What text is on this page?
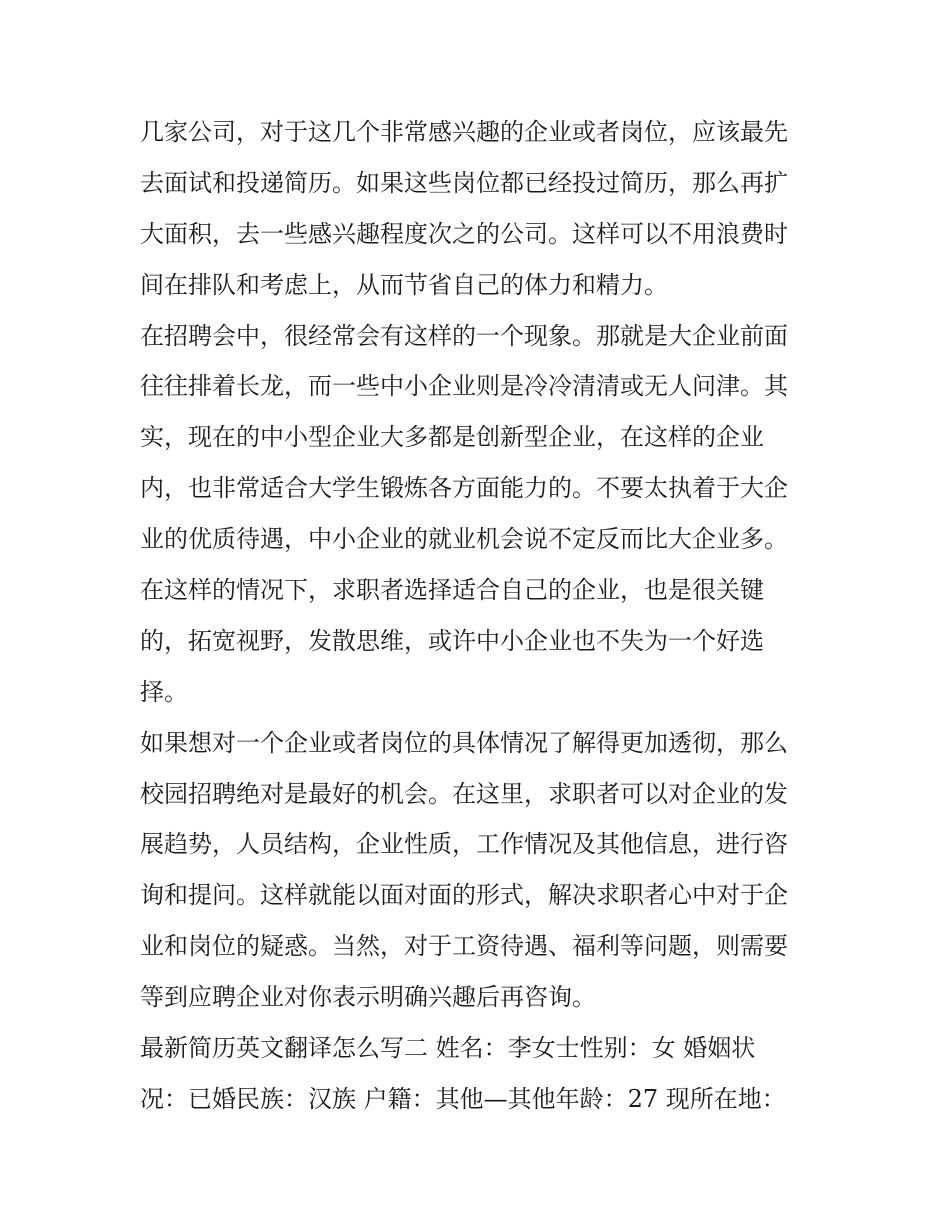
几家公司，对于这几个非常感兴趣的企业或者岗位，应该最先
去面试和投递简历。如果这些岗位都已经投过简历，那么再扩
大面积，去一些感兴趣程度次之的公司。这样可以不用浪费时
间在排队和考虑上，从而节省自己的体力和精力。
在招聘会中，很经常会有这样的一个现象。那就是大企业前面
往往排着长龙，而一些中小企业则是冷冷清清或无人问津。其
实，现在的中小型企业大多都是创新型企业，在这样的企业
内，也非常适合大学生锻炼各方面能力的。不要太执着于大企
业的优质待遇，中小企业的就业机会说不定反而比大企业多。
在这样的情况下，求职者选择适合自己的企业，也是很关键
的，拓宽视野，发散思维，或许中小企业也不失为一个好选
择。
如果想对一个企业或者岗位的具体情况了解得更加透彻，那么
校园招聘绝对是最好的机会。在这里，求职者可以对企业的发
展趋势，人员结构，企业性质，工作情况及其他信息，进行咨
询和提问。这样就能以面对面的形式，解决求职者心中对于企
业和岗位的疑惑。当然，对于工资待遇、福利等问题，则需要
等到应聘企业对你表示明确兴趣后再咨询。
最新简历英文翻译怎么写二 姓名：李女士性别：女 婚姻状
况：已婚民族：汉族 户籍：其他—其他年龄：27 现所在地：
